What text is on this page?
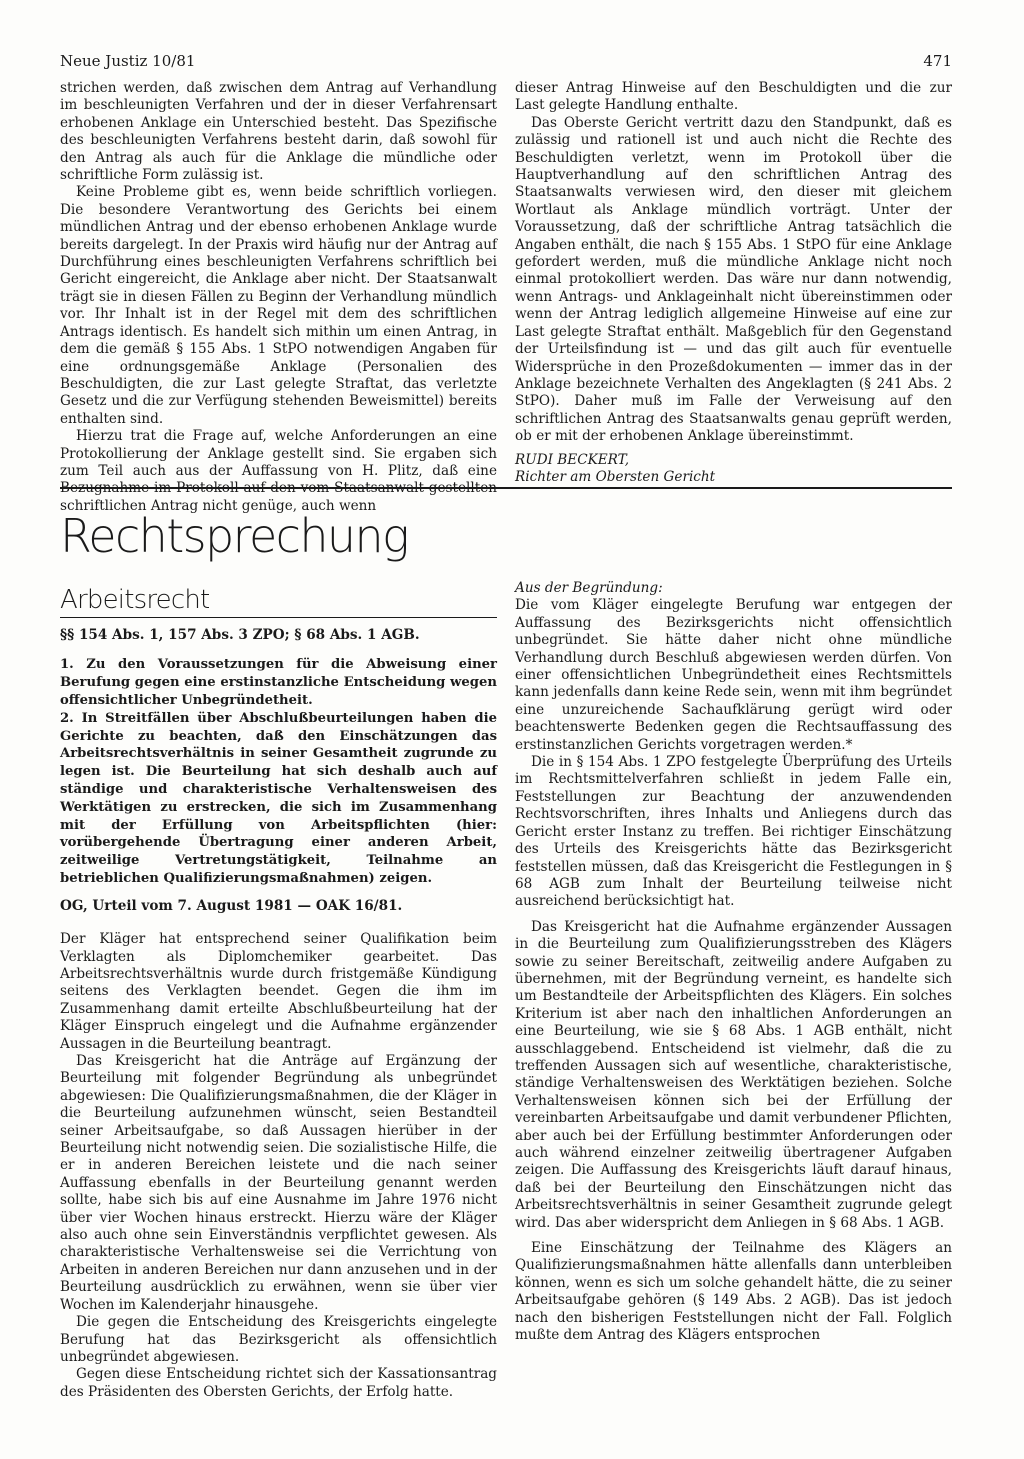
Neue Justiz 10/81	471

strichen werden, daß zwischen dem Antrag auf Verhandlung im beschleunigten Verfahren und der in dieser Verfahrensart erhobenen Anklage ein Unterschied besteht. Das Spezifische des beschleunigten Verfahrens besteht darin, daß sowohl für den Antrag als auch für die Anklage die mündliche oder schriftliche Form zulässig ist.

Keine Probleme gibt es, wenn beide schriftlich vorliegen. Die besondere Verantwortung des Gerichts bei einem mündlichen Antrag und der ebenso erhobenen Anklage wurde bereits dargelegt. In der Praxis wird häufig nur der Antrag auf Durchführung eines beschleunigten Verfahrens schriftlich bei Gericht eingereicht, die Anklage aber nicht. Der Staatsanwalt trägt sie in diesen Fällen zu Beginn der Verhandlung mündlich vor. Ihr Inhalt ist in der Regel mit dem des schriftlichen Antrags identisch. Es handelt sich mithin um einen Antrag, in dem die gemäß § 155 Abs. 1 StPO notwendigen Angaben für eine ordnungsgemäße Anklage (Personalien des Beschuldigten, die zur Last gelegte Straftat, das verletzte Gesetz und die zur Verfügung stehenden Beweismittel) bereits enthalten sind.

Hierzu trat die Frage auf, welche Anforderungen an eine Protokollierung der Anklage gestellt sind. Sie ergaben sich zum Teil auch aus der Auffassung von H. Plitz, daß eine Bezugnahme im Protokoll auf den vom Staatsanwalt gestellten schriftlichen Antrag nicht genüge, auch wenn

dieser Antrag Hinweise auf den Beschuldigten und die zur Last gelegte Handlung enthalte.

Das Oberste Gericht vertritt dazu den Standpunkt, daß es zulässig und rationell ist und auch nicht die Rechte des Beschuldigten verletzt, wenn im Protokoll über die Hauptverhandlung auf den schriftlichen Antrag des Staatsanwalts verwiesen wird, den dieser mit gleichem Wortlaut als Anklage mündlich vorträgt. Unter der Voraussetzung, daß der schriftliche Antrag tatsächlich die Angaben enthält, die nach § 155 Abs. 1 StPO für eine Anklage gefordert werden, muß die mündliche Anklage nicht noch einmal protokolliert werden. Das wäre nur dann notwendig, wenn Antrags- und Anklageinhalt nicht übereinstimmen oder wenn der Antrag lediglich allgemeine Hinweise auf eine zur Last gelegte Straftat enthält. Maßgeblich für den Gegenstand der Urteilsfindung ist — und das gilt auch für eventuelle Widersprüche in den Prozeßdokumenten — immer das in der Anklage bezeichnete Verhalten des Angeklagten (§ 241 Abs. 2 StPO). Daher muß im Falle der Verweisung auf den schriftlichen Antrag des Staatsanwalts genau geprüft werden, ob er mit der erhobenen Anklage übereinstimmt.

RUDI BECKERT,

Richter am Obersten Gericht

Rechtsprechung
Arbeitsrecht

§§ 154 Abs. 1, 157 Abs. 3 ZPO; § 68 Abs. 1 AGB.

1. Zu den Voraussetzungen für die Abweisung einer Berufung gegen eine erstinstanzliche Entscheidung wegen offensichtlicher Unbegründetheit.

2. In Streitfällen über Abschlußbeurteilungen haben die Gerichte zu beachten, daß den Einschätzungen das Arbeitsrechtsverhältnis in seiner Gesamtheit zugrunde zu legen ist. Die Beurteilung hat sich deshalb auch auf ständige und charakteristische Verhaltensweisen des Werktätigen zu erstrecken, die sich im Zusammenhang mit der Erfüllung von Arbeitspflichten (hier: vorübergehende Übertragung einer anderen Arbeit, zeitweilige Vertretungstätigkeit, Teilnahme an betrieblichen Qualifizierungsmaßnahmen) zeigen.

OG, Urteil vom 7. August 1981 — OAK 16/81.

Der Kläger hat entsprechend seiner Qualifikation beim Verklagten als Diplomchemiker gearbeitet. Das Arbeitsrechtsverhältnis wurde durch fristgemäße Kündigung seitens des Verklagten beendet. Gegen die ihm im Zusammenhang damit erteilte Abschlußbeurteilung hat der Kläger Einspruch eingelegt und die Aufnahme ergänzender Aussagen in die Beurteilung beantragt.

Das Kreisgericht hat die Anträge auf Ergänzung der Beurteilung mit folgender Begründung als unbegründet abgewiesen: Die Qualifizierungsmaßnahmen, die der Kläger in die Beurteilung aufzunehmen wünscht, seien Bestandteil seiner Arbeitsaufgabe, so daß Aussagen hierüber in der Beurteilung nicht notwendig seien. Die sozialistische Hilfe, die er in anderen Bereichen leistete und die nach seiner Auffassung ebenfalls in der Beurteilung genannt werden sollte, habe sich bis auf eine Ausnahme im Jahre 1976 nicht über vier Wochen hinaus erstreckt. Hierzu wäre der Kläger also auch ohne sein Einverständnis verpflichtet gewesen. Als charakteristische Verhaltensweise sei die Verrichtung von Arbeiten in anderen Bereichen nur dann anzusehen und in der Beurteilung ausdrücklich zu erwähnen, wenn sie über vier Wochen im Kalenderjahr hinausgehe.

Die gegen die Entscheidung des Kreisgerichts eingelegte Berufung hat das Bezirksgericht als offensichtlich unbegründet abgewiesen.

Gegen diese Entscheidung richtet sich der Kassationsantrag des Präsidenten des Obersten Gerichts, der Erfolg hatte.

Aus der Begründung:

Die vom Kläger eingelegte Berufung war entgegen der Auffassung des Bezirksgerichts nicht offensichtlich unbegründet. Sie hätte daher nicht ohne mündliche Verhandlung durch Beschluß abgewiesen werden dürfen. Von einer offensichtlichen Unbegründetheit eines Rechtsmittels kann jedenfalls dann keine Rede sein, wenn mit ihm begründet eine unzureichende Sachaufklärung gerügt wird oder beachtenswerte Bedenken gegen die Rechtsauffassung des erstinstanzlichen Gerichts vorgetragen werden.*

Die in § 154 Abs. 1 ZPO festgelegte Überprüfung des Urteils im Rechtsmittelverfahren schließt in jedem Falle ein, Feststellungen zur Beachtung der anzuwendenden Rechtsvorschriften, ihres Inhalts und Anliegens durch das Gericht erster Instanz zu treffen. Bei richtiger Einschätzung des Urteils des Kreisgerichts hätte das Bezirksgericht feststellen müssen, daß das Kreisgericht die Festlegungen in § 68 AGB zum Inhalt der Beurteilung teilweise nicht ausreichend berücksichtigt hat.

Das Kreisgericht hat die Aufnahme ergänzender Aussagen in die Beurteilung zum Qualifizierungsstreben des Klägers sowie zu seiner Bereitschaft, zeitweilig andere Aufgaben zu übernehmen, mit der Begründung verneint, es handelte sich um Bestandteile der Arbeitspflichten des Klägers. Ein solches Kriterium ist aber nach den inhaltlichen Anforderungen an eine Beurteilung, wie sie § 68 Abs. 1 AGB enthält, nicht ausschlaggebend. Entscheidend ist vielmehr, daß die zu treffenden Aussagen sich auf wesentliche, charakteristische, ständige Verhaltensweisen des Werktätigen beziehen. Solche Verhaltensweisen können sich bei der Erfüllung der vereinbarten Arbeitsaufgabe und damit verbundener Pflichten, aber auch bei der Erfüllung bestimmter Anforderungen oder auch während einzelner zeitweilig übertragener Aufgaben zeigen. Die Auffassung des Kreisgerichts läuft darauf hinaus, daß bei der Beurteilung den Einschätzungen nicht das Arbeitsrechtsverhältnis in seiner Gesamtheit zugrunde gelegt wird. Das aber widerspricht dem Anliegen in § 68 Abs. 1 AGB.

Eine Einschätzung der Teilnahme des Klägers an Qualifizierungsmaßnahmen hätte allenfalls dann unterbleiben können, wenn es sich um solche gehandelt hätte, die zu seiner Arbeitsaufgabe gehören (§ 149 Abs. 2 AGB). Das ist jedoch nach den bisherigen Feststellungen nicht der Fall. Folglich mußte dem Antrag des Klägers entsprochen
